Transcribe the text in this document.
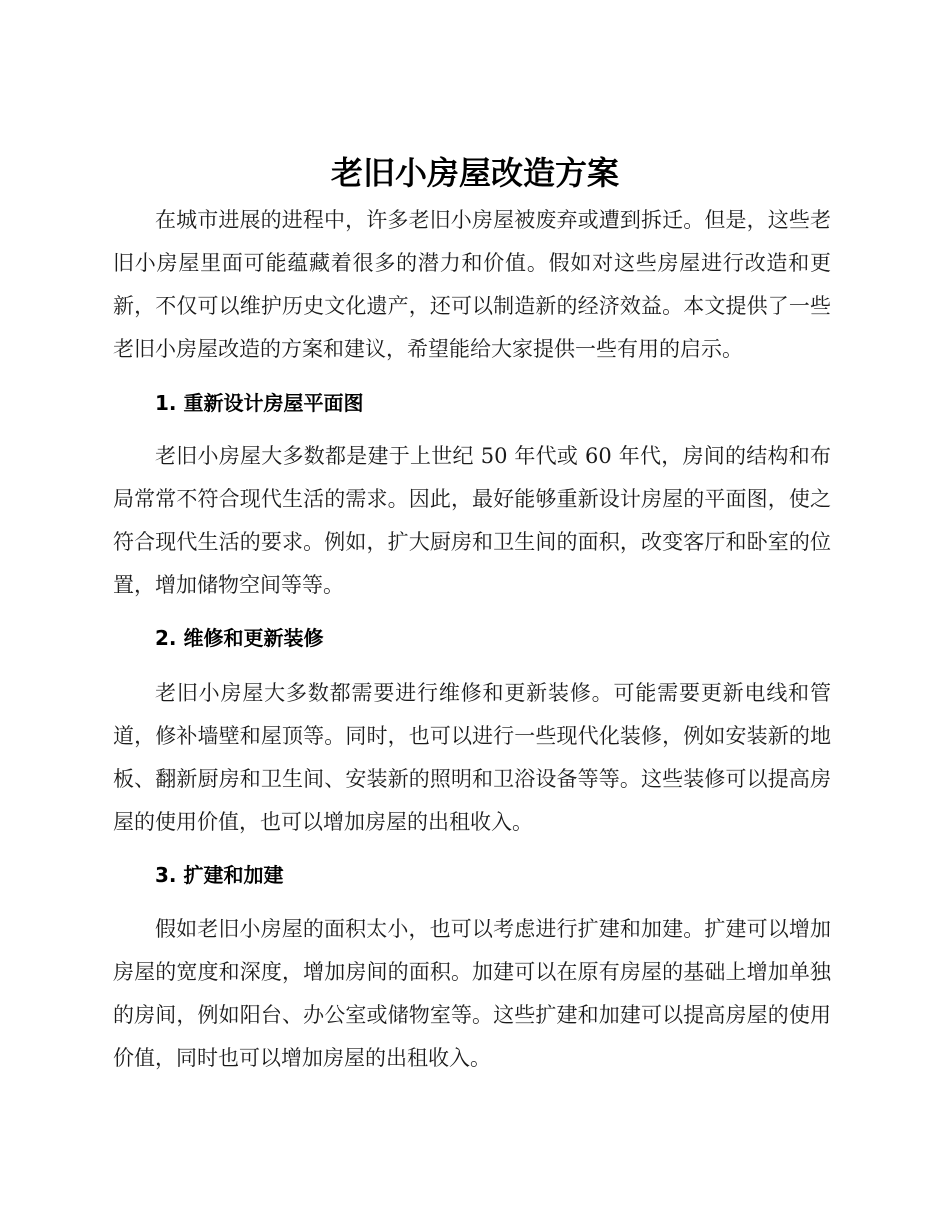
老旧小房屋改造方案

在城市进展的进程中，许多老旧小房屋被废弃或遭到拆迁。但是，这些老旧小房屋里面可能蕴藏着很多的潜力和价值。假如对这些房屋进行改造和更新，不仅可以维护历史文化遗产，还可以制造新的经济效益。本文提供了一些老旧小房屋改造的方案和建议，希望能给大家提供一些有用的启示。

1. 重新设计房屋平面图

老旧小房屋大多数都是建于上世纪 50 年代或 60 年代，房间的结构和布局常常不符合现代生活的需求。因此，最好能够重新设计房屋的平面图，使之符合现代生活的要求。例如，扩大厨房和卫生间的面积，改变客厅和卧室的位置，增加储物空间等等。

2. 维修和更新装修

老旧小房屋大多数都需要进行维修和更新装修。可能需要更新电线和管道，修补墙壁和屋顶等。同时，也可以进行一些现代化装修，例如安装新的地板、翻新厨房和卫生间、安装新的照明和卫浴设备等等。这些装修可以提高房屋的使用价值，也可以增加房屋的出租收入。

3. 扩建和加建

假如老旧小房屋的面积太小，也可以考虑进行扩建和加建。扩建可以增加房屋的宽度和深度，增加房间的面积。加建可以在原有房屋的基础上增加单独的房间，例如阳台、办公室或储物室等。这些扩建和加建可以提高房屋的使用价值，同时也可以增加房屋的出租收入。
